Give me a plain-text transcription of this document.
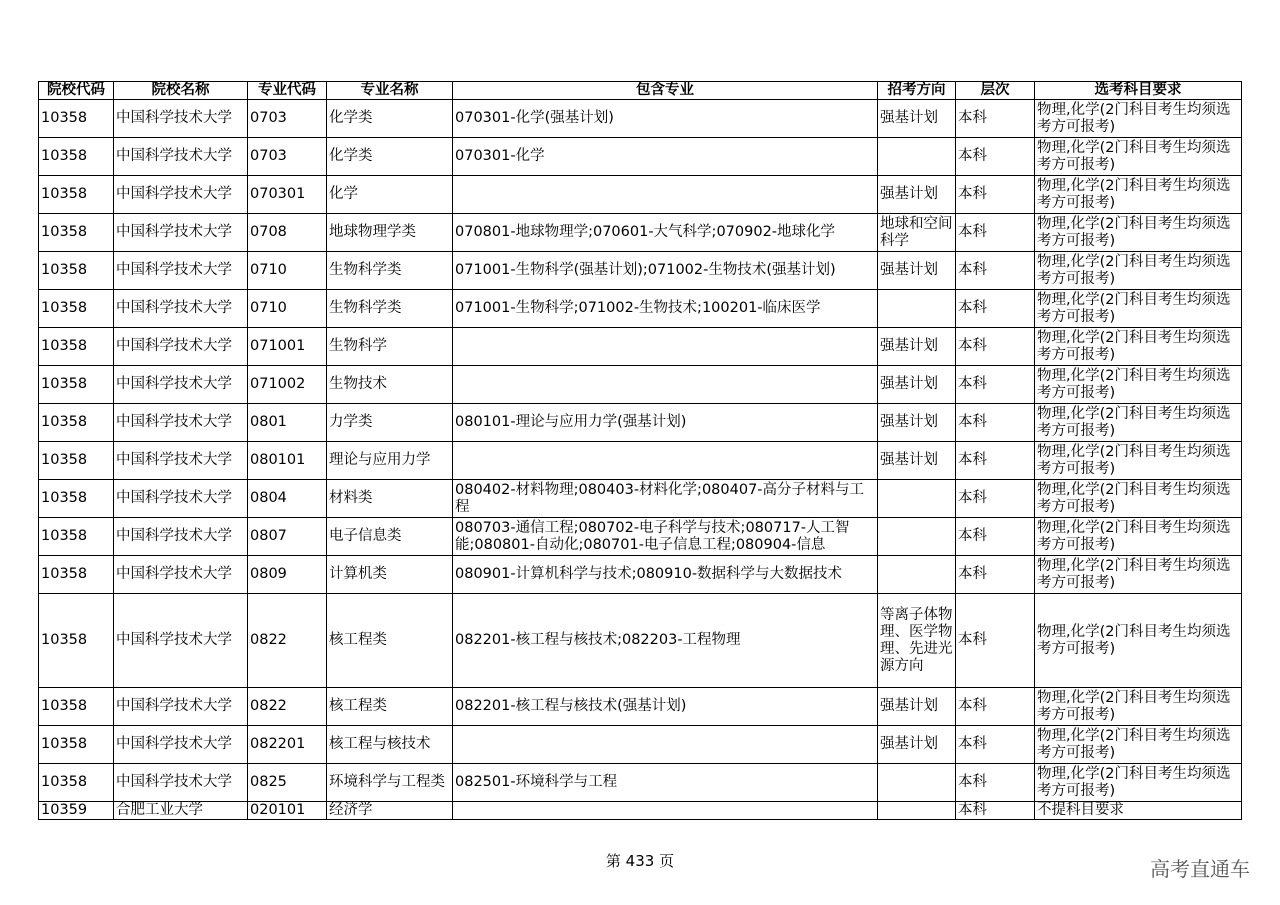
院校代码	院校名称	专业代码	专业名称	包含专业	招考方向	层次	选考科目要求
10358	中国科学技术大学	0703	化学类	070301-化学(强基计划)	强基计划	本科	物理,化学(2门科目考生均须选考方可报考)
10358	中国科学技术大学	0703	化学类	070301-化学		本科	物理,化学(2门科目考生均须选考方可报考)
10358	中国科学技术大学	070301	化学		强基计划	本科	物理,化学(2门科目考生均须选考方可报考)
10358	中国科学技术大学	0708	地球物理学类	070801-地球物理学;070601-大气科学;070902-地球化学	地球和空间科学	本科	物理,化学(2门科目考生均须选考方可报考)
10358	中国科学技术大学	0710	生物科学类	071001-生物科学(强基计划);071002-生物技术(强基计划)	强基计划	本科	物理,化学(2门科目考生均须选考方可报考)
10358	中国科学技术大学	0710	生物科学类	071001-生物科学;071002-生物技术;100201-临床医学		本科	物理,化学(2门科目考生均须选考方可报考)
10358	中国科学技术大学	071001	生物科学		强基计划	本科	物理,化学(2门科目考生均须选考方可报考)
10358	中国科学技术大学	071002	生物技术		强基计划	本科	物理,化学(2门科目考生均须选考方可报考)
10358	中国科学技术大学	0801	力学类	080101-理论与应用力学(强基计划)	强基计划	本科	物理,化学(2门科目考生均须选考方可报考)
10358	中国科学技术大学	080101	理论与应用力学		强基计划	本科	物理,化学(2门科目考生均须选考方可报考)
10358	中国科学技术大学	0804	材料类	080402-材料物理;080403-材料化学;080407-高分子材料与工程		本科	物理,化学(2门科目考生均须选考方可报考)
10358	中国科学技术大学	0807	电子信息类	080703-通信工程;080702-电子科学与技术;080717-人工智能;080801-自动化;080701-电子信息工程;080904-信息		本科	物理,化学(2门科目考生均须选考方可报考)
10358	中国科学技术大学	0809	计算机类	080901-计算机科学与技术;080910-数据科学与大数据技术		本科	物理,化学(2门科目考生均须选考方可报考)
10358	中国科学技术大学	0822	核工程类	082201-核工程与核技术;082203-工程物理	等离子体物理、医学物理、先进光源方向	本科	物理,化学(2门科目考生均须选考方可报考)
10358	中国科学技术大学	0822	核工程类	082201-核工程与核技术(强基计划)	强基计划	本科	物理,化学(2门科目考生均须选考方可报考)
10358	中国科学技术大学	082201	核工程与核技术		强基计划	本科	物理,化学(2门科目考生均须选考方可报考)
10358	中国科学技术大学	0825	环境科学与工程类	082501-环境科学与工程		本科	物理,化学(2门科目考生均须选考方可报考)
10359	合肥工业大学	020101	经济学			本科	不提科目要求
第 433 页	高考直通车
